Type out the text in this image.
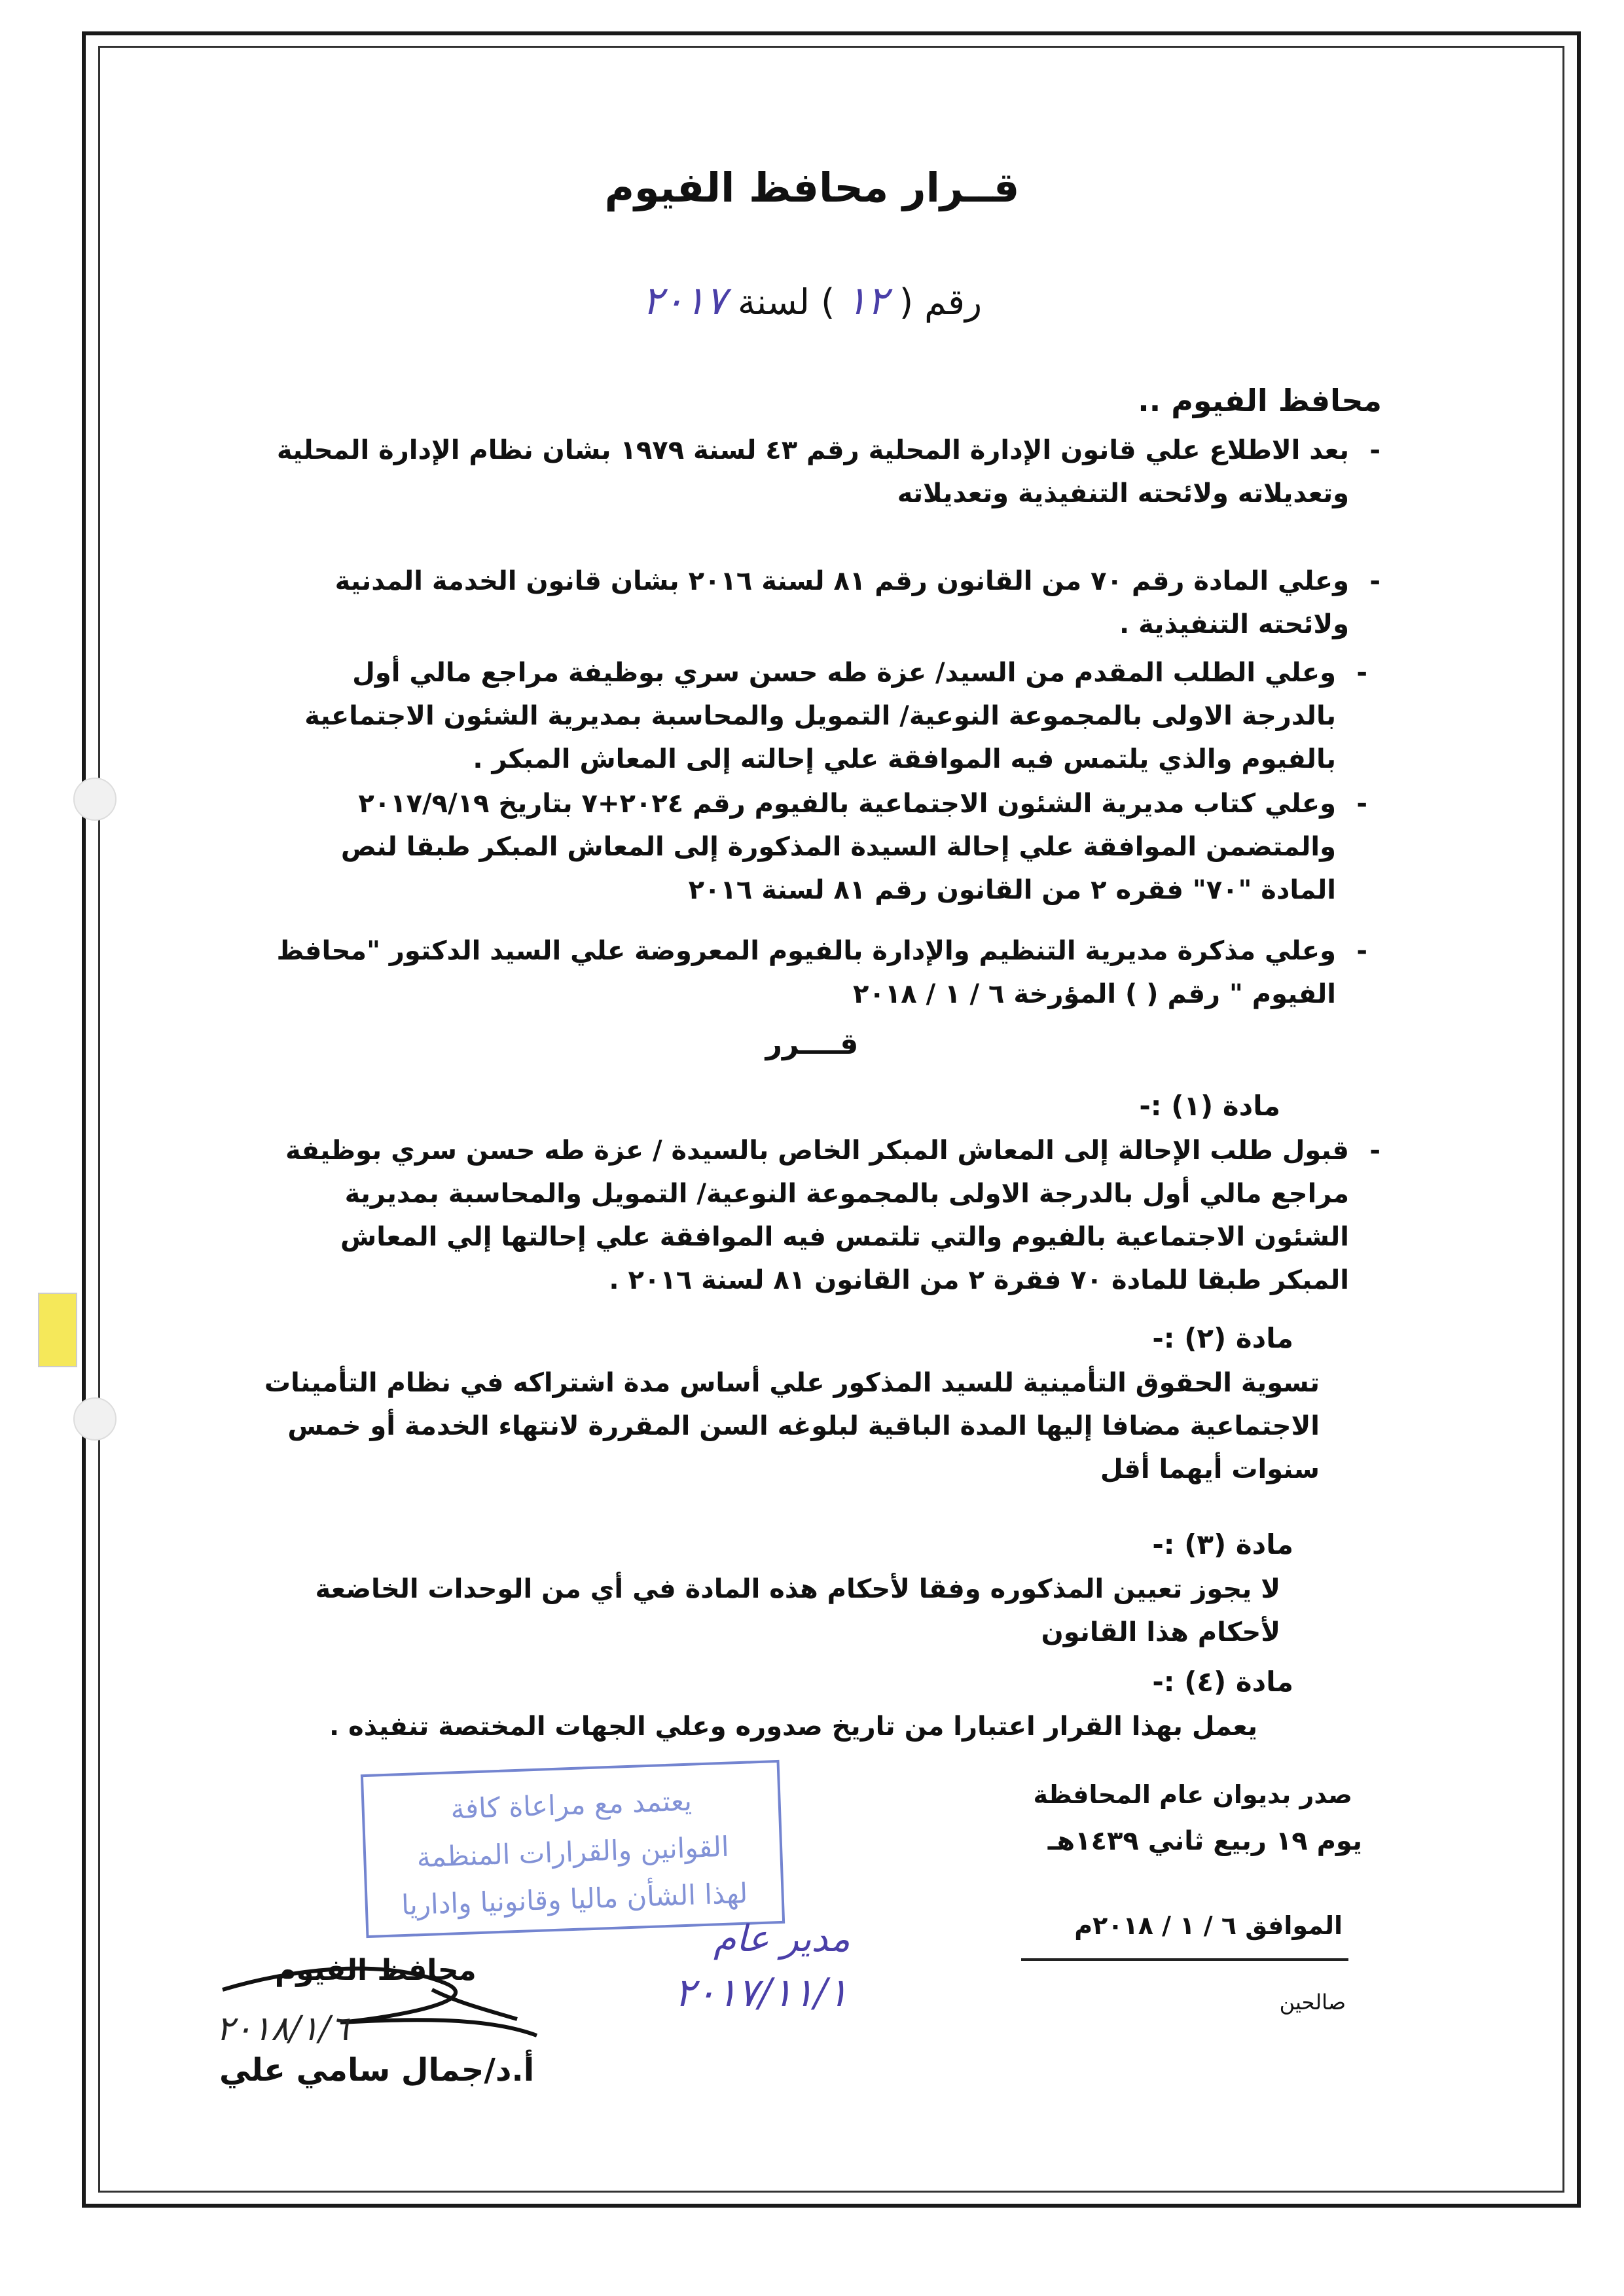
قــرار محافظ الفيوم
رقم ( ١٢ ) لسنة ٢٠١٧
محافظ الفيوم ..
-
بعد الاطلاع علي قانون الإدارة المحلية رقم ٤٣ لسنة ١٩٧٩ بشان نظام الإدارة المحلية وتعديلاته ولائحته التنفيذية وتعديلاته
-
وعلي المادة رقم ٧٠ من القانون رقم ٨١ لسنة ٢٠١٦ بشان قانون الخدمة المدنية ولائحته التنفيذية .
-
وعلي الطلب المقدم من السيد/ عزة طه حسن سري بوظيفة مراجع مالي أول بالدرجة الاولى بالمجموعة النوعية/ التمويل والمحاسبة بمديرية الشئون الاجتماعية بالفيوم والذي يلتمس فيه الموافقة علي إحالته إلى المعاش المبكر .
-
وعلي كتاب مديرية الشئون الاجتماعية بالفيوم رقم ٢٠٢٤+٧ بتاريخ ٢٠١٧/٩/١٩ والمتضمن الموافقة علي إحالة السيدة المذكورة إلى المعاش المبكر طبقا لنص المادة "٧٠" فقره ٢ من القانون رقم ٨١ لسنة ٢٠١٦
-
وعلي مذكرة مديرية التنظيم والإدارة بالفيوم المعروضة علي السيد الدكتور "محافظ الفيوم " رقم ( ) المؤرخة ٦ / ١ / ٢٠١٨
قــــرر
مادة (١) :-
-
قبول طلب الإحالة إلى المعاش المبكر الخاص بالسيدة / عزة طه حسن سري بوظيفة مراجع مالي أول بالدرجة الاولى بالمجموعة النوعية/ التمويل والمحاسبة بمديرية الشئون الاجتماعية بالفيوم والتي تلتمس فيه الموافقة علي إحالتها إلي المعاش المبكر طبقا للمادة ٧٠ فقرة ٢ من القانون ٨١ لسنة ٢٠١٦ .
مادة (٢) :-
تسوية الحقوق التأمينية للسيد المذكور علي أساس مدة اشتراكه في نظام التأمينات الاجتماعية مضافا إليها المدة الباقية لبلوغه السن المقررة لانتهاء الخدمة أو خمس سنوات أيهما أقل
مادة (٣) :-
لا يجوز تعيين المذكوره وفقا لأحكام هذه المادة في أي من الوحدات الخاضعة لأحكام هذا القانون
مادة (٤) :-
يعمل بهذا القرار اعتبارا من تاريخ صدوره وعلي الجهات المختصة تنفيذه .
يعتمد مع مراعاة كافة
القوانين والقرارات المنظمة
لهذا الشأن ماليا وقانونيا واداريا
صدر بديوان عام المحافظة
يوم ١٩ ربيع ثاني ١٤٣٩هـ
الموافق ٦ / ١ / ٢٠١٨م
صالحين
مدير عام
٢٠١٧/١١/١
محافظ الفيوم
٢٠١٨/١/٦
أ.د/جمال سامي علي
